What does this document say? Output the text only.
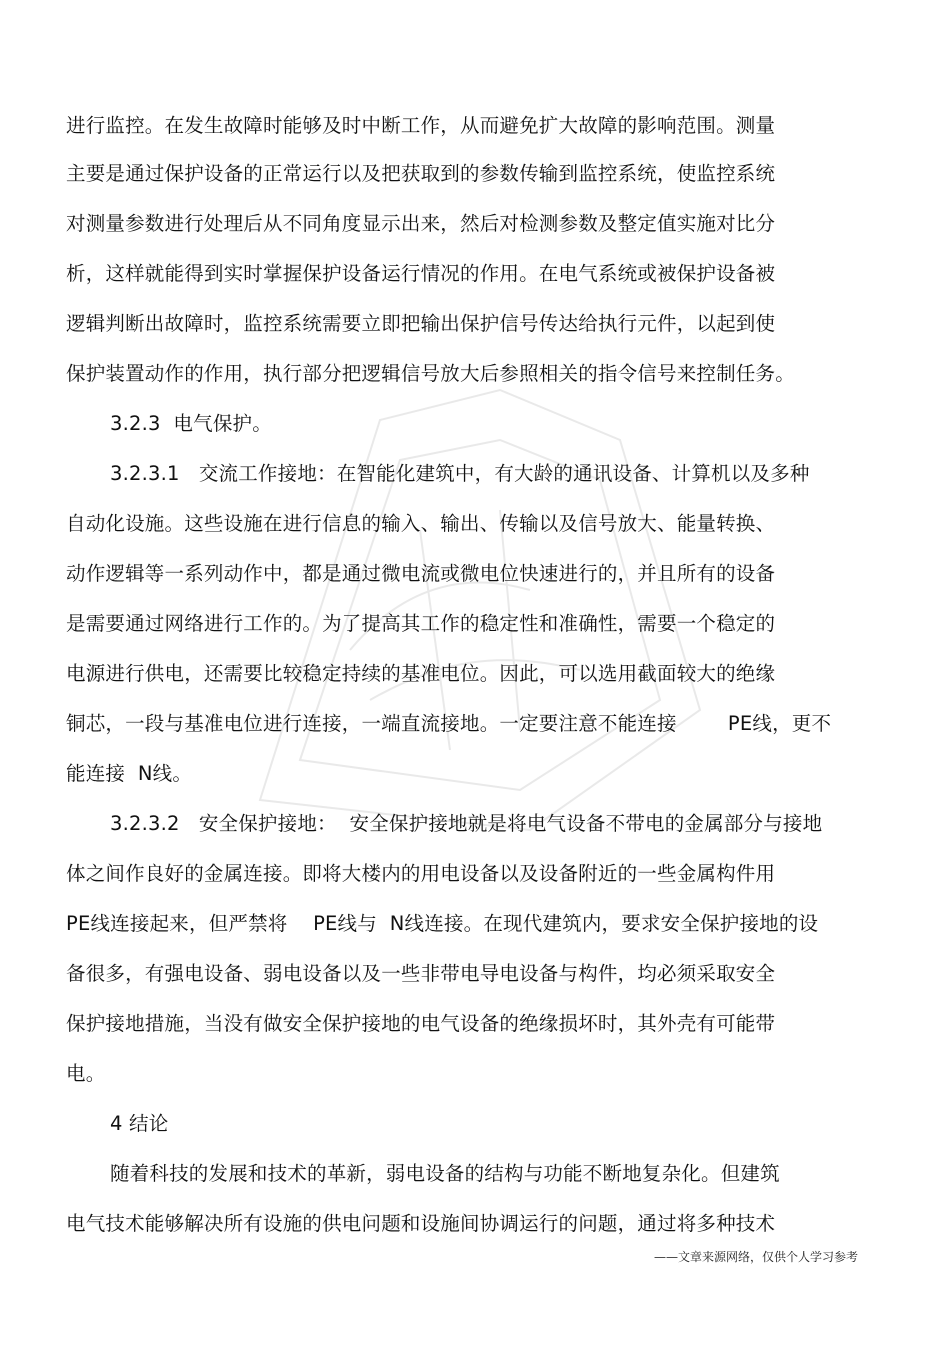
进行监控。在发生故障时能够及时中断工作，从而避免扩大故障的影响范围。测量
主要是通过保护设备的正常运行以及把获取到的参数传输到监控系统，使监控系统
对测量参数进行处理后从不同角度显示出来，然后对检测参数及整定值实施对比分
析，这样就能得到实时掌握保护设备运行情况的作用。在电气系统或被保护设备被
逻辑判断出故障时，监控系统需要立即把输出保护信号传达给执行元件，以起到使
保护装置动作的作用，执行部分把逻辑信号放大后参照相关的指令信号来控制任务。
3.2.3  电气保护。
3.2.3.1   交流工作接地：在智能化建筑中，有大龄的通讯设备、计算机以及多种
自动化设施。这些设施在进行信息的输入、输出、传输以及信号放大、能量转换、
动作逻辑等一系列动作中，都是通过微电流或微电位快速进行的，并且所有的设备
是需要通过网络进行工作的。为了提高其工作的稳定性和准确性，需要一个稳定的
电源进行供电，还需要比较稳定持续的基准电位。因此，可以选用截面较大的绝缘
铜芯，一段与基准电位进行连接，一端直流接地。一定要注意不能连接        PE线，更不
能连接  N线。
3.2.3.2   安全保护接地：  安全保护接地就是将电气设备不带电的金属部分与接地
体之间作良好的金属连接。即将大楼内的用电设备以及设备附近的一些金属构件用
PE线连接起来，但严禁将    PE线与  N线连接。在现代建筑内，要求安全保护接地的设
备很多，有强电设备、弱电设备以及一些非带电导电设备与构件，均必须采取安全
保护接地措施，当没有做安全保护接地的电气设备的绝缘损坏时，其外壳有可能带
电。
4 结论
随着科技的发展和技术的革新，弱电设备的结构与功能不断地复杂化。但建筑
电气技术能够解决所有设施的供电问题和设施间协调运行的问题，通过将多种技术
——文章来源网络，仅供个人学习参考
